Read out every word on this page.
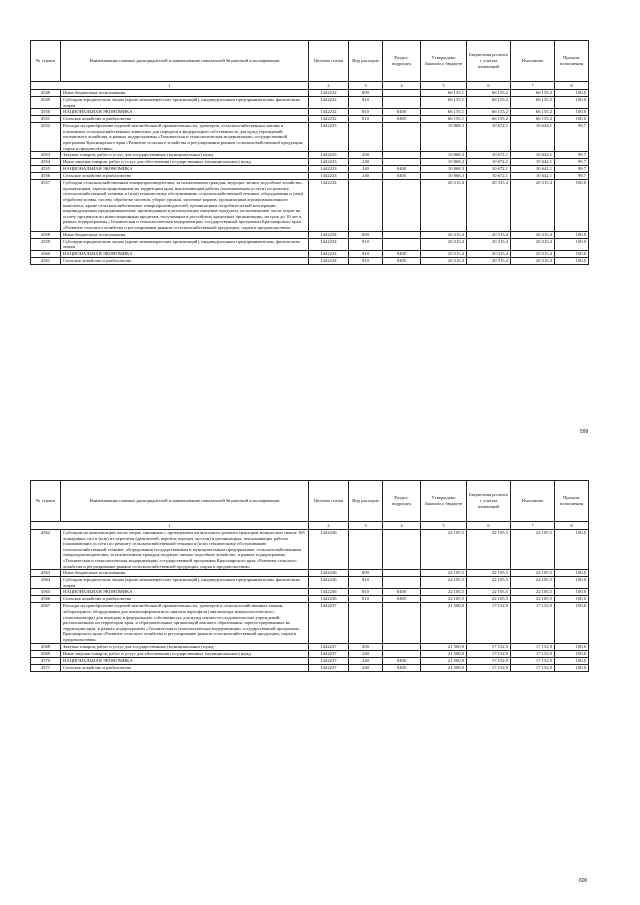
№ строки	Наименование главных распорядителей и наименование показателей бюджетной классификации	Целевая статья	Вид расходов	Раздел, подраздел	Утверждено Законом о бюджете	Бюджетная роспись с учетом изменений	Исполнено	Процент исполнения
1		2	3	4	5	6	7	8
4548	Иные бюджетные ассигнования	1442232	800		66 155,1	66 155,2	66 155,2	100,0
4549	Субсидии юридическим лицам (кроме некоммерческих организаций), индивидуальным предпринимателям, физическим лицам	1442232	810		66 155,1	66 155,2	66 155,2	100,0
4550	НАЦИОНАЛЬНАЯ ЭКОНОМИКА	1442232	810	0400	66 155,1	66 155,2	66 155,2	100,0
4551	Сельское хозяйство и рыболовство	1442232	810	0405	66 155,1	66 155,2	66 155,2	100,0
4552	Расходы на приобретение изделий автомобильной промышленности, тракторов, сельскохозяйственных машин и племенных сельскохозяйственных животных для передачи в федеральную собственность для нужд учреждений охотничьего хозяйства, в рамках подпрограммы «Техническая и технологическая модернизация» государственной программы Красноярского края «Развитие сельского хозяйства и регулирование рынков сельскохозяйственной продукции, сырья и продовольствия»	1442233			10 868,3	10 672,1	10 642,1	99,7
4553	Закупка товаров, работ и услуг для государственных (муниципальных) нужд	1442233	200		10 868,3	10 672,1	10 642,1	99,7
4554	Иные закупки товаров, работ и услуг для обеспечения государственных (муниципальных) нужд	1442233	240		10 868,3	10 672,1	10 642,1	99,7
4555	НАЦИОНАЛЬНАЯ ЭКОНОМИКА	1442233	240	0400	10 868,3	10 672,1	10 642,1	99,7
4556	Сельское хозяйство и рыболовство	1442233	240	0405	10 868,3	10 672,1	10 642,1	99,7
4557	Субсидии сельскохозяйственным товаропроизводителям, за исключением граждан, ведущих личное подсобное хозяйство, организациям, зарегистрированным на территории края, выполняющим работы (оказывающим услуги) по ремонту сельскохозяйственной техники и (или) техническому обслуживанию сельскохозяйственной техники, оборудования и (или) обработке почвы, посеву, обработке посевов, уборке урожая, заготовке кормов, организациям агропромышленного комплекса, кроме сельскохозяйственных товаропроизводителей, организациям потребительской кооперации, индивидуальным предпринимателям, производящим и реализующим пищевые продукты, на возмещение части затрат на уплату процентов по инвестиционным кредитам, полученным в российских кредитных организациях, на срок до 10 лет в рамках подпрограммы «Техническая и технологическая модернизация» государственной программы Красноярского края «Развитие сельского хозяйства и регулирование рынков сельскохозяйственной продукции, сырья и продовольствия»	1442234			20 315,4	20 315,4	20 315,4	100,0
4558	Иные бюджетные ассигнования	1442234	800		20 315,4	20 315,4	20 315,4	100,0
4559	Субсидии юридическим лицам (кроме некоммерческих организаций), индивидуальным предпринимателям, физическим лицам	1442234	810		20 315,4	20 315,4	20 315,4	100,0
4560	НАЦИОНАЛЬНАЯ ЭКОНОМИКА	1442234	810	0400	20 315,4	20 315,4	20 315,4	100,0
4561	Сельское хозяйство и рыболовство	1442234	810	0405	20 315,4	20 315,4	20 315,4	100,0
599
№ строки	Наименование главных распорядителей и наименование показателей бюджетной классификации	Целевая статья	Вид расходов	Раздел, подраздел	Утверждено Законом о бюджете	Бюджетная роспись с учетом изменений	Исполнено	Процент исполнения
1		2	3	4	5	6	7	8
4562	Субсидии на компенсацию части затрат, связанных с проведением капитального ремонта тракторов мощностью свыше 165 лошадиных сил и (или) их агрегатов (двигателей, коробок передач, мостов) в организациях, выполняющих работы (оказывающих услуги) по ремонту сельскохозяйственной техники и (или) техническому обслуживанию сельскохозяйственной техники, оборудования государственным и муниципальным предприятиям, сельскохозяйственным товаропроизводителям, за исключением граждан, ведущих личное подсобное хозяйство, в рамках подпрограммы «Техническая и технологическая модернизация» государственной программы Красноярского края «Развитие сельского хозяйства и регулирование рынков сельскохозяйственной продукции, сырья и продовольствия»	1442236			22 105,5	22 105,5	22 105,5	100,0
4563	Иные бюджетные ассигнования	1442236	800		22 105,5	22 105,5	22 105,5	100,0
4564	Субсидии юридическим лицам (кроме некоммерческих организаций), индивидуальным предпринимателям, физическим лицам	1442236	810		22 105,5	22 105,5	22 105,5	100,0
4565	НАЦИОНАЛЬНАЯ ЭКОНОМИКА	1442236	810	0400	22 105,5	22 105,5	22 105,5	100,0
4566	Сельское хозяйство и рыболовство	1442236	810	0405	22 105,5	22 105,5	22 105,5	100,0
4567	Расходы на приобретение изделий автомобильной промышленности, тракторов и сельскохозяйственных машин, лабораторного оборудования для иммуноферментного анализа картофеля (анализатора иммунологического, гомогенизатора) для передачи в федеральную собственность для нужд научно-исследовательских учреждений, расположенных на территории края, и образовательных организаций высшего образования, зарегистрированных на территории края, в рамках подпрограммы «Техническая и технологическая модернизация» государственной программы Красноярского края «Развитие сельского хозяйства и регулирование рынков сельскохозяйственной продукции, сырья и продовольствия»	1442237			21 500,0	17 152,9	17 152,9	100,0
4568	Закупка товаров, работ и услуг для государственных (муниципальных) нужд	1442237	200		21 500,0	17 152,9	17 152,9	100,0
4569	Иные закупки товаров, работ и услуг для обеспечения государственных (муниципальных) нужд	1442237	240		21 500,0	17 152,9	17 152,9	100,0
4570	НАЦИОНАЛЬНАЯ ЭКОНОМИКА	1442237	240	0400	21 500,0	17 152,9	17 152,9	100,0
4571	Сельское хозяйство и рыболовство	1442237	240	0405	21 500,0	17 152,9	17 152,9	100,0
600
